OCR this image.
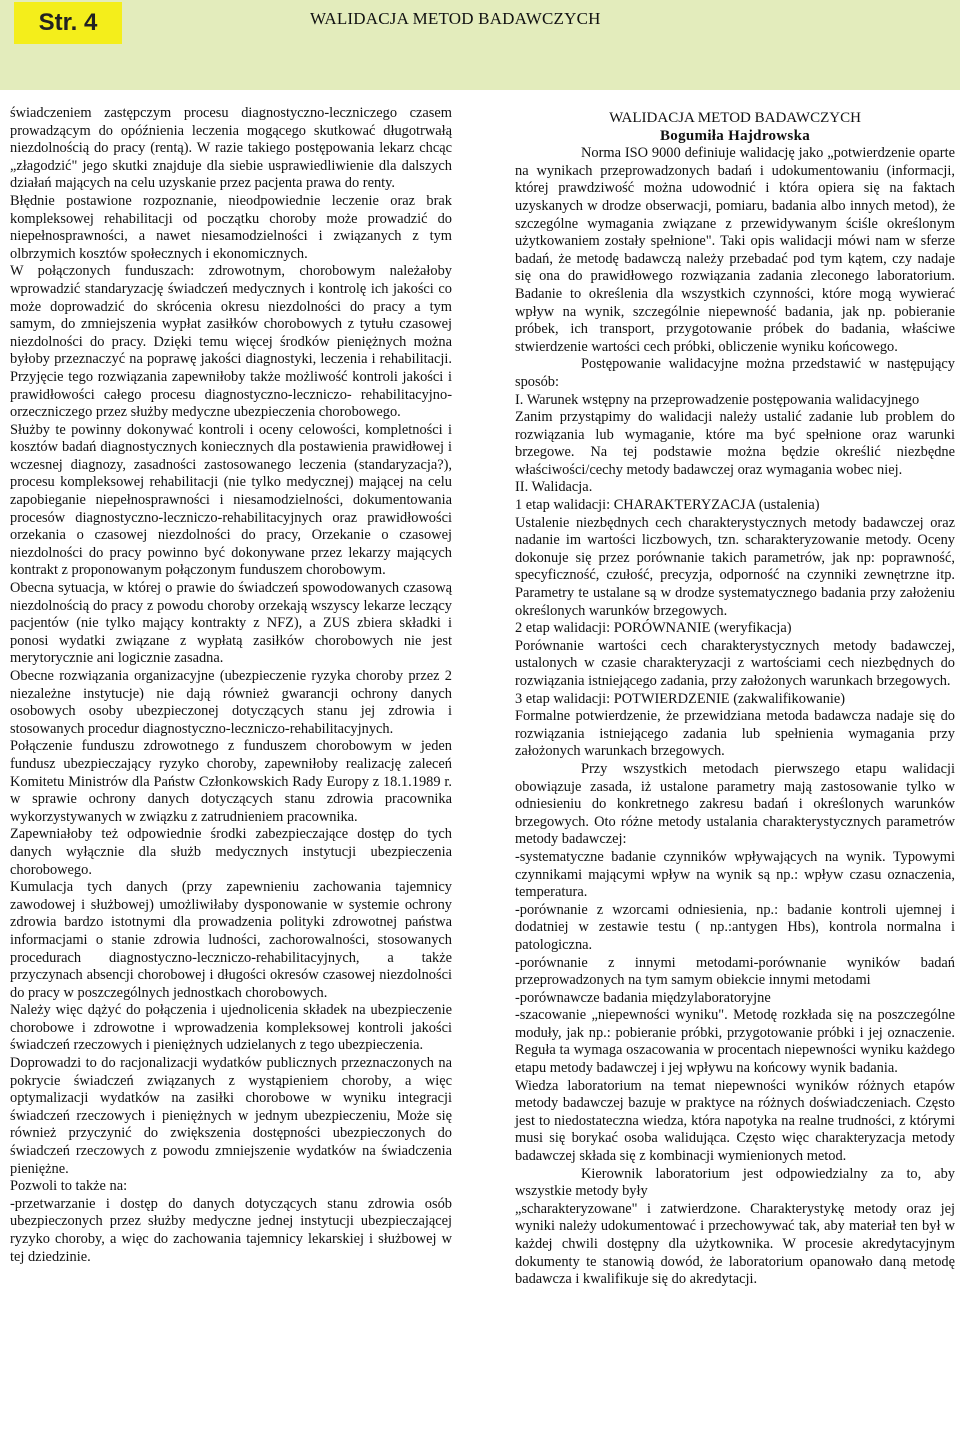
Str. 4	WALIDACJA METOD BADAWCZYCH

świadczeniem zastępczym procesu diagnostyczno-leczniczego czasem prowadzącym do opóźnienia leczenia mogącego skutkować długotrwałą niezdolnością do pracy (rentą). W razie takiego postępowania lekarz chcąc „złagodzić" jego skutki znajduje dla siebie usprawiedliwienie dla dalszych działań mających na celu uzyskanie przez pacjenta prawa do renty.

Błędnie postawione rozpoznanie, nieodpowiednie leczenie oraz brak kompleksowej rehabilitacji od początku choroby może prowadzić do niepełnosprawności, a nawet niesamodzielności i związanych z tym olbrzymich kosztów społecznych i ekonomicznych.

W połączonych funduszach: zdrowotnym, chorobowym należałoby wprowadzić standaryzację świadczeń medycznych i kontrolę ich jakości co może doprowadzić do skrócenia okresu niezdolności do pracy a tym samym, do zmniejszenia wypłat zasiłków chorobowych z tytułu czasowej niezdolności do pracy. Dzięki temu więcej środków pieniężnych można byłoby przeznaczyć na poprawę jakości diagnostyki, leczenia i rehabilitacji. Przyjęcie tego rozwiązania zapewniłoby także możliwość kontroli jakości i prawidłowości całego procesu diagnostyczno-leczniczo- rehabilitacyjno-orzeczniczego przez służby medyczne ubezpieczenia chorobowego.

Służby te powinny dokonywać kontroli i oceny celowości, kompletności i kosztów badań diagnostycznych koniecznych dla postawienia prawidłowej i wczesnej diagnozy, zasadności zastosowanego leczenia (standaryzacja?), procesu kompleksowej rehabilitacji (nie tylko medycznej) mającej na celu zapobieganie niepełnosprawności i niesamodzielności, dokumentowania procesów diagnostyczno-leczniczo-rehabilitacyjnych oraz prawidłowości orzekania o czasowej niezdolności do pracy, Orzekanie o czasowej niezdolności do pracy powinno być dokonywane przez lekarzy mających kontrakt z proponowanym połączonym funduszem chorobowym.

Obecna sytuacja, w której o prawie do świadczeń spowodowanych czasową niezdolnością do pracy z powodu choroby orzekają wszyscy lekarze leczący pacjentów (nie tylko mający kontrakty z NFZ), a ZUS zbiera składki i ponosi wydatki związane z wypłatą zasiłków chorobowych nie jest merytorycznie ani logicznie zasadna.

Obecne rozwiązania organizacyjne (ubezpieczenie ryzyka choroby przez 2 niezależne instytucje) nie dają również gwarancji ochrony danych osobowych osoby ubezpieczonej dotyczących stanu jej zdrowia i stosowanych procedur diagnostyczno-leczniczo-rehabilitacyjnych.

Połączenie funduszu zdrowotnego z funduszem chorobowym w jeden fundusz ubezpieczający ryzyko choroby, zapewniłoby realizację zaleceń Komitetu Ministrów dla Państw Członkowskich Rady Europy z 18.1.1989 r. w sprawie ochrony danych dotyczących stanu zdrowia pracownika wykorzystywanych w związku z zatrudnieniem pracownika.

Zapewniałoby też odpowiednie środki zabezpieczające dostęp do tych danych wyłącznie dla służb medycznych instytucji ubezpieczenia chorobowego.

Kumulacja tych danych (przy zapewnieniu zachowania tajemnicy zawodowej i służbowej) umożliwiłaby dysponowanie w systemie ochrony zdrowia bardzo istotnymi dla prowadzenia polityki zdrowotnej państwa informacjami o stanie zdrowia ludności, zachorowalności, stosowanych procedurach diagnostyczno-leczniczo-rehabilitacyjnych, a także przyczynach absencji chorobowej i długości okresów czasowej niezdolności do pracy w poszczególnych jednostkach chorobowych.

Należy więc dążyć do połączenia i ujednolicenia składek na ubezpieczenie chorobowe i zdrowotne i wprowadzenia kompleksowej kontroli jakości świadczeń rzeczowych i pieniężnych udzielanych z tego ubezpieczenia.

Doprowadzi to do racjonalizacji wydatków publicznych przeznaczonych na pokrycie świadczeń związanych z wystąpieniem choroby, a więc optymalizacji wydatków na zasiłki chorobowe w wyniku integracji świadczeń rzeczowych i pieniężnych w jednym ubezpieczeniu, Może się również przyczynić do zwiększenia dostępności ubezpieczonych do świadczeń rzeczowych z powodu zmniejszenie wydatków na świadczenia pieniężne.

Pozwoli to także na:

-przetwarzanie i dostęp do danych dotyczących stanu zdrowia osób ubezpieczonych przez służby medyczne jednej instytucji ubezpieczającej ryzyko choroby, a więc do zachowania tajemnicy lekarskiej i służbowej w tej dziedzinie.

WALIDACJA METOD BADAWCZYCH

Bogumiła Hajdrowska

Norma ISO 9000 definiuje walidację jako „potwierdzenie oparte na wynikach przeprowadzonych badań i udokumentowaniu (informacji, której prawdziwość można udowodnić i która opiera się na faktach uzyskanych w drodze obserwacji, pomiaru, badania albo innych metod), że szczególne wymagania związane z przewidywanym ściśle określonym użytkowaniem zostały spełnione". Taki opis walidacji mówi nam w sferze badań, że metodę badawczą należy przebadać pod tym kątem, czy nadaje się ona do prawidłowego rozwiązania zadania zleconego laboratorium. Badanie to określenia dla wszystkich czynności, które mogą wywierać wpływ na wynik, szczególnie niepewność badania, jak np. pobieranie próbek, ich transport, przygotowanie próbek do badania, właściwe stwierdzenie wartości cech próbki, obliczenie wyniku końcowego.

Postępowanie walidacyjne można przedstawić w następujący sposób:

I. Warunek wstępny na przeprowadzenie postępowania walidacyjnego

Zanim przystąpimy do walidacji należy ustalić zadanie lub problem do rozwiązania lub wymaganie, które ma być spełnione oraz warunki brzegowe. Na tej podstawie można będzie określić niezbędne właściwości/cechy metody badawczej oraz wymagania wobec niej.

II. Walidacja.

1 etap walidacji: CHARAKTERYZACJA (ustalenia)

Ustalenie niezbędnych cech charakterystycznych metody badawczej oraz nadanie im wartości liczbowych, tzn. scharakteryzowanie metody. Oceny dokonuje się przez porównanie takich parametrów, jak np: poprawność, specyficzność, czułość, precyzja, odporność na czynniki zewnętrzne itp. Parametry te ustalane są w drodze systematycznego badania przy założeniu określonych warunków brzegowych.

2 etap walidacji: PORÓWNANIE (weryfikacja)

Porównanie wartości cech charakterystycznych metody badawczej, ustalonych w czasie charakteryzacji z wartościami cech niezbędnych do rozwiązania istniejącego zadania, przy założonych warunkach brzegowych.

3 etap walidacji: POTWIERDZENIE (zakwalifikowanie)

Formalne potwierdzenie, że przewidziana metoda badawcza nadaje się do rozwiązania istniejącego zadania lub spełnienia wymagania przy założonych warunkach brzegowych.

Przy wszystkich metodach pierwszego etapu walidacji obowiązuje zasada, iż ustalone parametry mają zastosowanie tylko w odniesieniu do konkretnego zakresu badań i określonych warunków brzegowych. Oto różne metody ustalania charakterystycznych parametrów metody badawczej:

-systematyczne badanie czynników wpływających na wynik. Typowymi czynnikami mającymi wpływ na wynik są np.: wpływ czasu oznaczenia, temperatura.

-porównanie z wzorcami odniesienia, np.: badanie kontroli ujemnej i dodatniej w zestawie testu ( np.:antygen Hbs), kontrola normalna i patologiczna.

-porównanie z innymi metodami-porównanie wyników badań przeprowadzonych na tym samym obiekcie innymi metodami

-porównawcze badania międzylaboratoryjne

-szacowanie „niepewności wyniku". Metodę rozkłada się na poszczególne moduły, jak np.: pobieranie próbki, przygotowanie próbki i jej oznaczenie. Reguła ta wymaga oszacowania w procentach niepewności wyniku każdego etapu metody badawczej i jej wpływu na końcowy wynik badania.

Wiedza laboratorium na temat niepewności wyników różnych etapów metody badawczej bazuje w praktyce na różnych doświadczeniach. Często jest to niedostateczna wiedza, która napotyka na realne trudności, z którymi musi się borykać osoba walidująca. Często więc charakteryzacja metody badawczej składa się z kombinacji wymienionych metod.

Kierownik laboratorium jest odpowiedzialny za to, aby wszystkie metody były

„scharakteryzowane" i zatwierdzone. Charakterystykę metody oraz jej wyniki należy udokumentować i przechowywać tak, aby materiał ten był w każdej chwili dostępny dla użytkownika. W procesie akredytacyjnym dokumenty te stanowią dowód, że laboratorium opanowało daną metodę badawcza i kwalifikuje się do akredytacji.
